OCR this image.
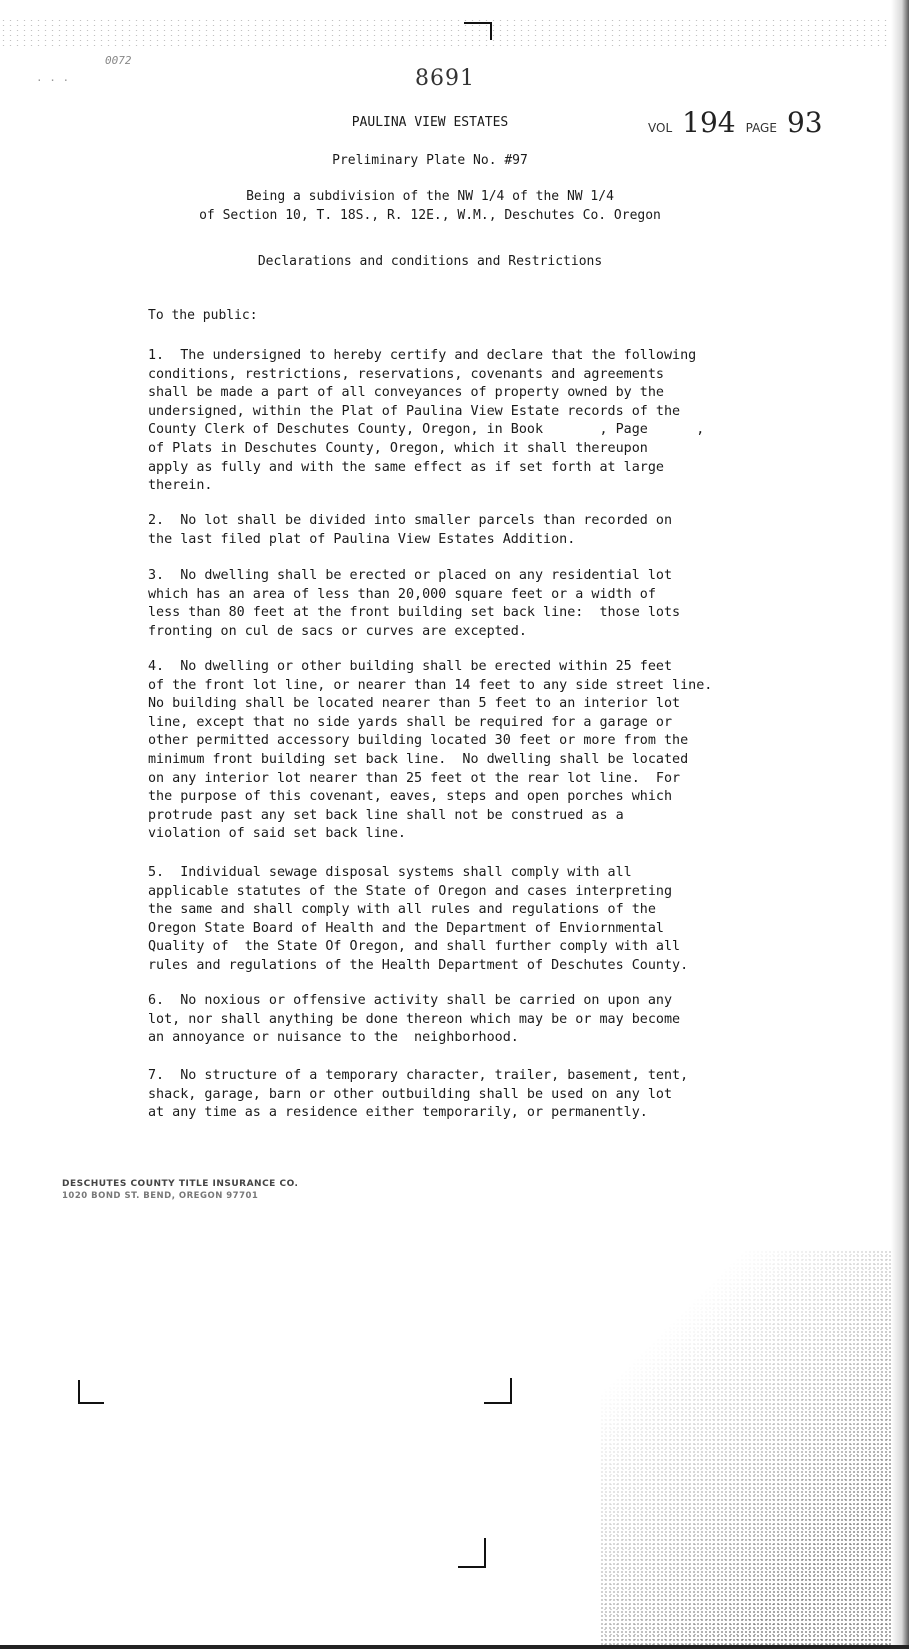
0072
· · ·	8691
VOL 194 PAGE 93
PAULINA VIEW ESTATES
Preliminary Plate No. #97
Being a subdivision of the NW 1/4 of the NW 1/4
of Section 10, T. 18S., R. 12E., W.M., Deschutes Co. Oregon
Declarations and conditions and Restrictions
To the public:
1.  The undersigned to hereby certify and declare that the following
conditions, restrictions, reservations, covenants and agreements
shall be made a part of all conveyances of property owned by the
undersigned, within the Plat of Paulina View Estate records of the
County Clerk of Deschutes County, Oregon, in Book       , Page      ,
of Plats in Deschutes County, Oregon, which it shall thereupon
apply as fully and with the same effect as if set forth at large
therein.
2.  No lot shall be divided into smaller parcels than recorded on
the last filed plat of Paulina View Estates Addition.
3.  No dwelling shall be erected or placed on any residential lot
which has an area of less than 20,000 square feet or a width of
less than 80 feet at the front building set back line:  those lots
fronting on cul de sacs or curves are excepted.
4.  No dwelling or other building shall be erected within 25 feet
of the front lot line, or nearer than 14 feet to any side street line.
No building shall be located nearer than 5 feet to an interior lot
line, except that no side yards shall be required for a garage or
other permitted accessory building located 30 feet or more from the
minimum front building set back line.  No dwelling shall be located
on any interior lot nearer than 25 feet ot the rear lot line.  For
the purpose of this covenant, eaves, steps and open porches which
protrude past any set back line shall not be construed as a
violation of said set back line.
5.  Individual sewage disposal systems shall comply with all
applicable statutes of the State of Oregon and cases interpreting
the same and shall comply with all rules and regulations of the
Oregon State Board of Health and the Department of Enviornmental
Quality of  the State Of Oregon, and shall further comply with all
rules and regulations of the Health Department of Deschutes County.
6.  No noxious or offensive activity shall be carried on upon any
lot, nor shall anything be done thereon which may be or may become
an annoyance or nuisance to the  neighborhood.
7.  No structure of a temporary character, trailer, basement, tent,
shack, garage, barn or other outbuilding shall be used on any lot
at any time as a residence either temporarily, or permanently.
DESCHUTES COUNTY TITLE INSURANCE CO.
1020 BOND ST. BEND, OREGON 97701
